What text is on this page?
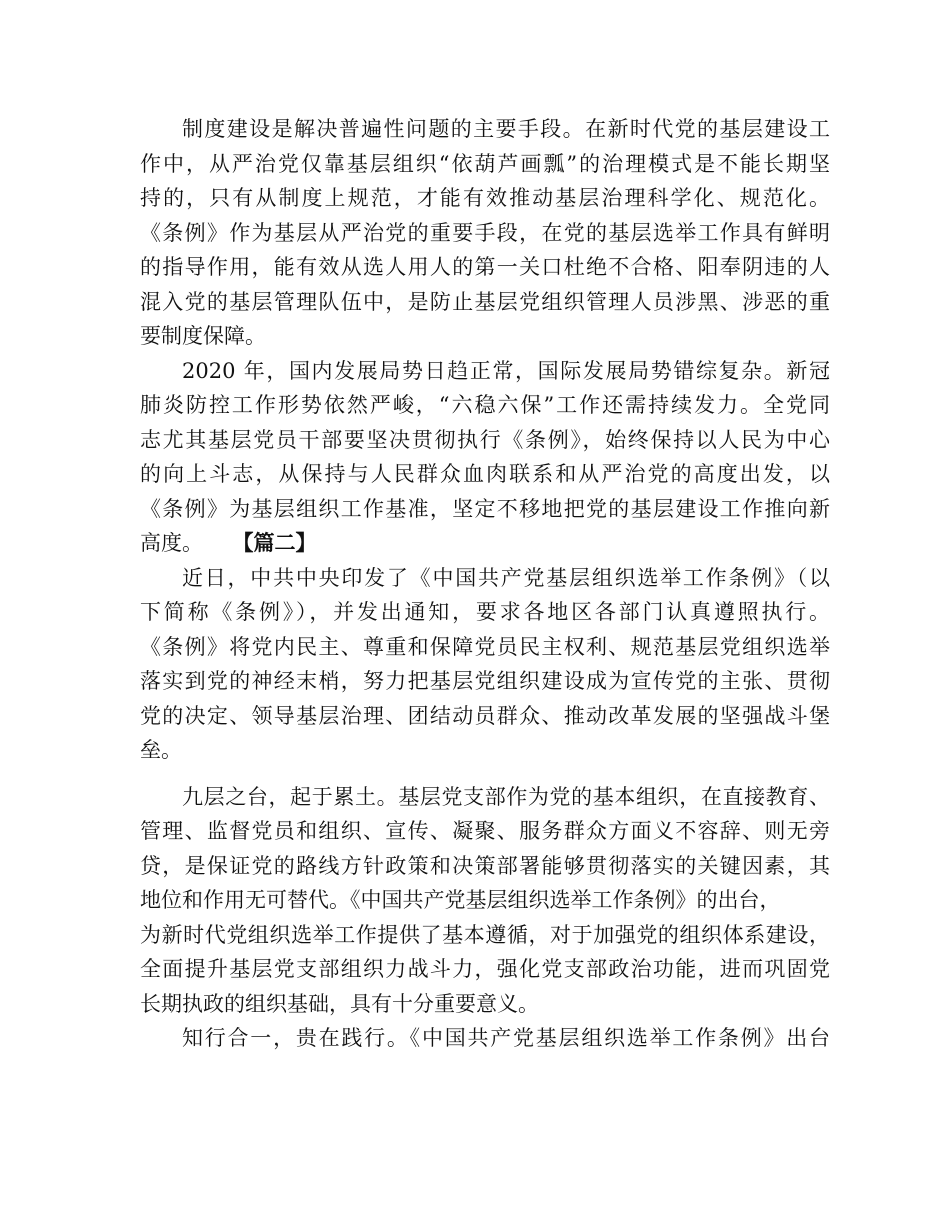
制度建设是解决普遍性问题的主要手段。在新时代党的基层建设工
作中，从严治党仅靠基层组织“依葫芦画瓢”的治理模式是不能长期坚
持的，只有从制度上规范，才能有效推动基层治理科学化、规范化。
《条例》作为基层从严治党的重要手段，在党的基层选举工作具有鲜明
的指导作用，能有效从选人用人的第一关口杜绝不合格、阳奉阴违的人
混入党的基层管理队伍中，是防止基层党组织管理人员涉黑、涉恶的重
要制度保障。
2020 年，国内发展局势日趋正常，国际发展局势错综复杂。新冠
肺炎防控工作形势依然严峻，“六稳六保”工作还需持续发力。全党同
志尤其基层党员干部要坚决贯彻执行《条例》，始终保持以人民为中心
的向上斗志，从保持与人民群众血肉联系和从严治党的高度出发，以
《条例》为基层组织工作基准，坚定不移地把党的基层建设工作推向新
高度。 【篇二】
近日，中共中央印发了《中国共产党基层组织选举工作条例》（以
下简称《条例》），并发出通知，要求各地区各部门认真遵照执行。
《条例》将党内民主、尊重和保障党员民主权利、规范基层党组织选举
落实到党的神经末梢，努力把基层党组织建设成为宣传党的主张、贯彻
党的决定、领导基层治理、团结动员群众、推动改革发展的坚强战斗堡
垒。
九层之台，起于累土。基层党支部作为党的基本组织，在直接教育、
管理、监督党员和组织、宣传、凝聚、服务群众方面义不容辞、则无旁
贷，是保证党的路线方针政策和决策部署能够贯彻落实的关键因素，其
地位和作用无可替代。《中国共产党基层组织选举工作条例》的出台，
为新时代党组织选举工作提供了基本遵循，对于加强党的组织体系建设，
全面提升基层党支部组织力战斗力，强化党支部政治功能，进而巩固党
长期执政的组织基础，具有十分重要意义。
知行合一，贵在践行。《中国共产党基层组织选举工作条例》出台
